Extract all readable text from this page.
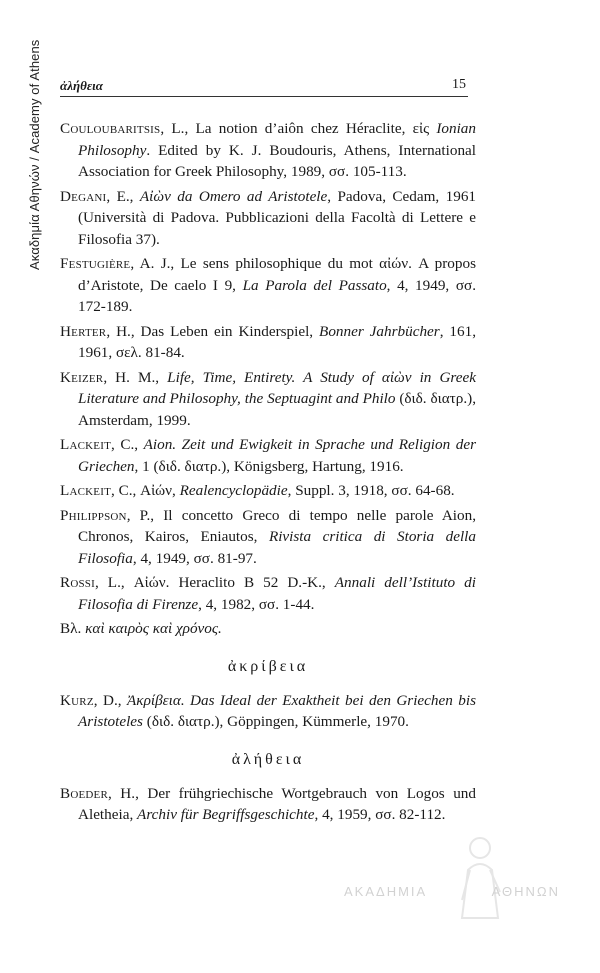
Ακαδημία Αθηνών / Academy of Athens ἀλήθεια	15

Couloubaritsis, L., La notion d’aiôn chez Héraclite, εἰς Ionian Philosophy. Edited by K. J. Boudouris, Athens, International Association for Greek Philosophy, 1989, σσ. 105-113.

Degani, E., Αἰὼν da Omero ad Aristotele, Padova, Cedam, 1961 (Università di Padova. Pubblicazioni della Facoltà di Lettere e Filosofia 37).

Festugière, A. J., Le sens philosophique du mot αἰών. A propos d’Aristote, De caelo I 9, La Parola del Passato, 4, 1949, σσ. 172-189.

Herter, H., Das Leben ein Kinderspiel, Bonner Jahrbücher, 161, 1961, σελ. 81-84.

Keizer, H. M., Life, Time, Entirety. A Study of αἰὼν in Greek Literature and Philosophy, the Septuagint and Philo (διδ. διατρ.), Amsterdam, 1999.

Lackeit, C., Aion. Zeit und Ewigkeit in Sprache und Religion der Griechen, 1 (διδ. διατρ.), Königsberg, Hartung, 1916.

Lackeit, C., Αἰών, Realencyclopädie, Suppl. 3, 1918, σσ. 64-68.

Philippson, P., Il concetto Greco di tempo nelle parole Aion, Chronos, Kairos, Eniautos, Rivista critica di Storia della Filosofia, 4, 1949, σσ. 81-97.

Rossi, L., Αἰών. Heraclito B 52 D.-K., Annali dell’Istituto di Filosofia di Firenze, 4, 1982, σσ. 1-44.

Βλ. καὶ καιρὸς καὶ χρόνος.

ἀκρίβεια

Kurz, D., Ἀκρίβεια. Das Ideal der Exaktheit bei den Griechen bis Aristoteles (διδ. διατρ.), Göppingen, Kümmerle, 1970.

ἀλήθεια

Boeder, H., Der frühgriechische Wortgebrauch von Logos und Aletheia, Archiv für Begriffsgeschichte, 4, 1959, σσ. 82-112.

ΑΚΑΔΗΜΙΑ	ΑΘΗΝΩΝ
